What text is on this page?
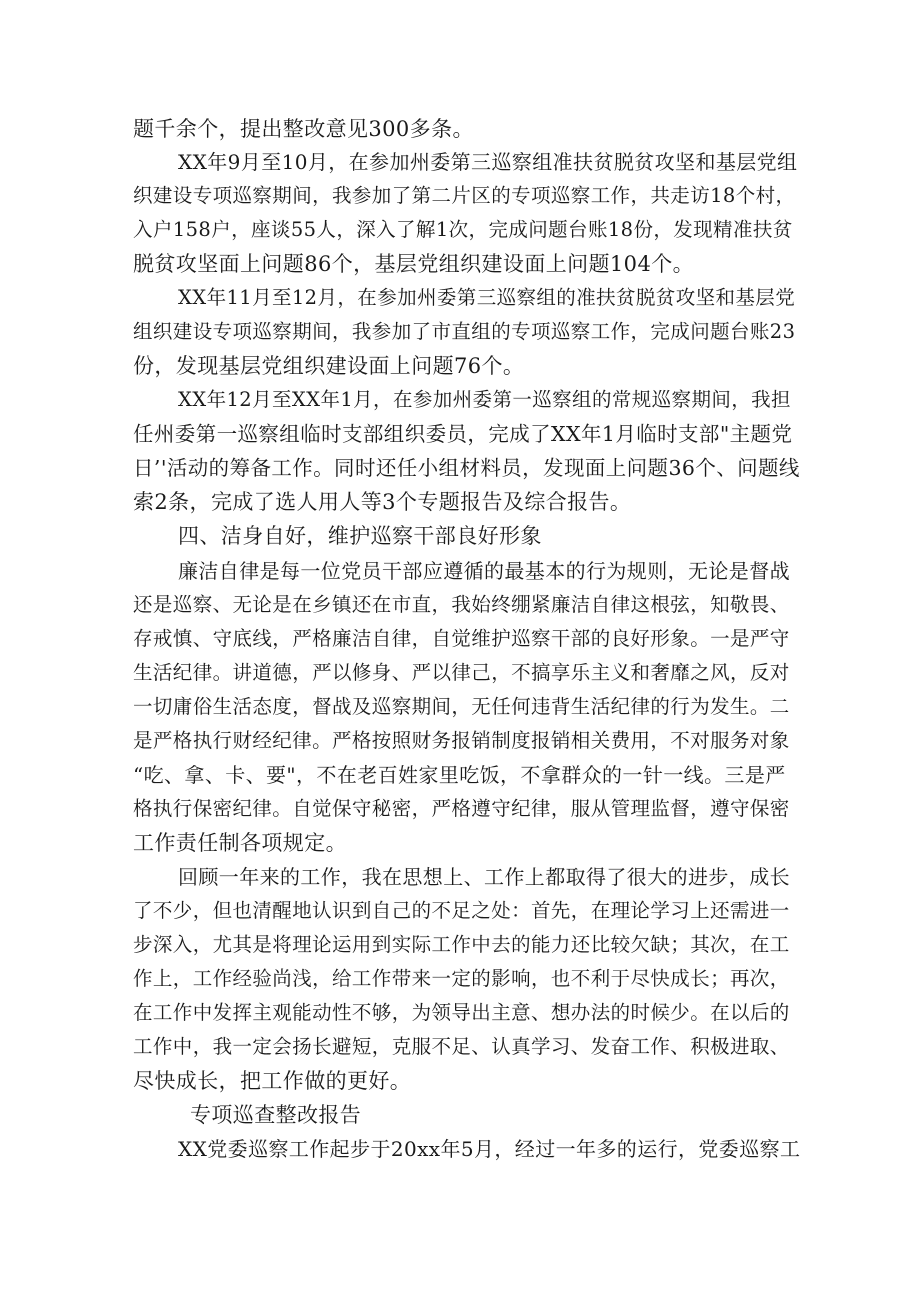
题千余个，提出整改意见300多条。
XX年9月至10月，在参加州委第三巡察组准扶贫脱贫攻坚和基层党组
织建设专项巡察期间，我参加了第二片区的专项巡察工作，共走访18个村，
入户158户，座谈55人，深入了解1次，完成问题台账18份，发现精准扶贫
脱贫攻坚面上问题86个，基层党组织建设面上问题104个。
XX年11月至12月，在参加州委第三巡察组的准扶贫脱贫攻坚和基层党
组织建设专项巡察期间，我参加了市直组的专项巡察工作，完成问题台账23
份，发现基层党组织建设面上问题76个。
XX年12月至XX年1月，在参加州委第一巡察组的常规巡察期间，我担
任州委第一巡察组临时支部组织委员，完成了XX年1月临时支部"主题党
日’'活动的筹备工作。同时还任小组材料员，发现面上问题36个、问题线
索2条，完成了选人用人等3个专题报告及综合报告。
四、洁身自好，维护巡察干部良好形象
廉洁自律是每一位党员干部应遵循的最基本的行为规则，无论是督战
还是巡察、无论是在乡镇还在市直，我始终绷紧廉洁自律这根弦，知敬畏、
存戒慎、守底线，严格廉洁自律，自觉维护巡察干部的良好形象。一是严守
生活纪律。讲道德，严以修身、严以律己，不搞享乐主义和奢靡之风，反对
一切庸俗生活态度，督战及巡察期间，无任何违背生活纪律的行为发生。二
是严格执行财经纪律。严格按照财务报销制度报销相关费用，不对服务对象
“吃、拿、卡、要"，不在老百姓家里吃饭，不拿群众的一针一线。三是严
格执行保密纪律。自觉保守秘密，严格遵守纪律，服从管理监督，遵守保密
工作责任制各项规定。
回顾一年来的工作，我在思想上、工作上都取得了很大的进步，成长
了不少，但也清醒地认识到自己的不足之处：首先，在理论学习上还需进一
步深入，尤其是将理论运用到实际工作中去的能力还比较欠缺；其次，在工
作上，工作经验尚浅，给工作带来一定的影响，也不利于尽快成长；再次，
在工作中发挥主观能动性不够，为领导出主意、想办法的时候少。在以后的
工作中，我一定会扬长避短，克服不足、认真学习、发奋工作、积极进取、
尽快成长，把工作做的更好。
专项巡查整改报告
XX党委巡察工作起步于20xx年5月，经过一年多的运行，党委巡察工
